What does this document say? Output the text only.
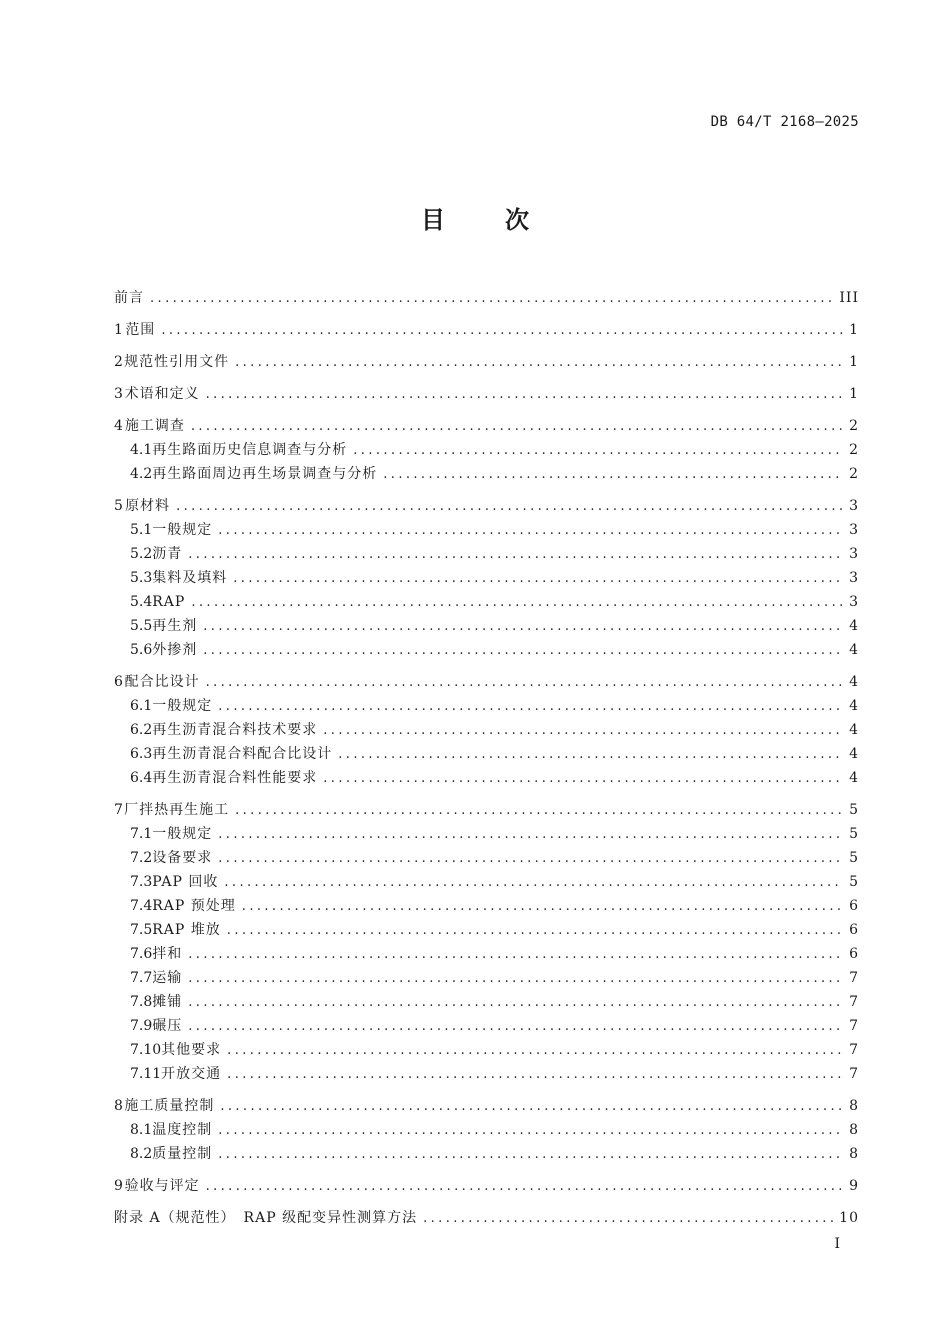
DB 64/T 2168—2025
目	次
前言 .....	III
1 范围 .....	1
2 规范性引用文件 .....	1
3 术语和定义 .....	1
4 施工调查 .....	2
4.1 再生路面历史信息调查与分析 .....	2
4.2 再生路面周边再生场景调查与分析 .....	2
5 原材料 .....	3
5.1 一般规定 .....	3
5.2 沥青 .....	3
5.3 集料及填料 .....	3
5.4 RAP .....	3
5.5 再生剂 .....	4
5.6 外掺剂 .....	4
6 配合比设计 .....	4
6.1 一般规定 .....	4
6.2 再生沥青混合料技术要求 .....	4
6.3 再生沥青混合料配合比设计 .....	4
6.4 再生沥青混合料性能要求 .....	4
7 厂拌热再生施工 .....	5
7.1 一般规定 .....	5
7.2 设备要求 .....	5
7.3 PAP 回收 .....	5
7.4 RAP 预处理 .....	6
7.5 RAP 堆放 .....	6
7.6 拌和 .....	6
7.7 运输 .....	7
7.8 摊铺 .....	7
7.9 碾压 .....	7
7.10 其他要求 .....	7
7.11 开放交通 .....	7
8 施工质量控制 .....	8
8.1 温度控制 .....	8
8.2 质量控制 .....	8
9 验收与评定 .....	9
附录 A（规范性）　RAP 级配变异性测算方法 .....	10
I
